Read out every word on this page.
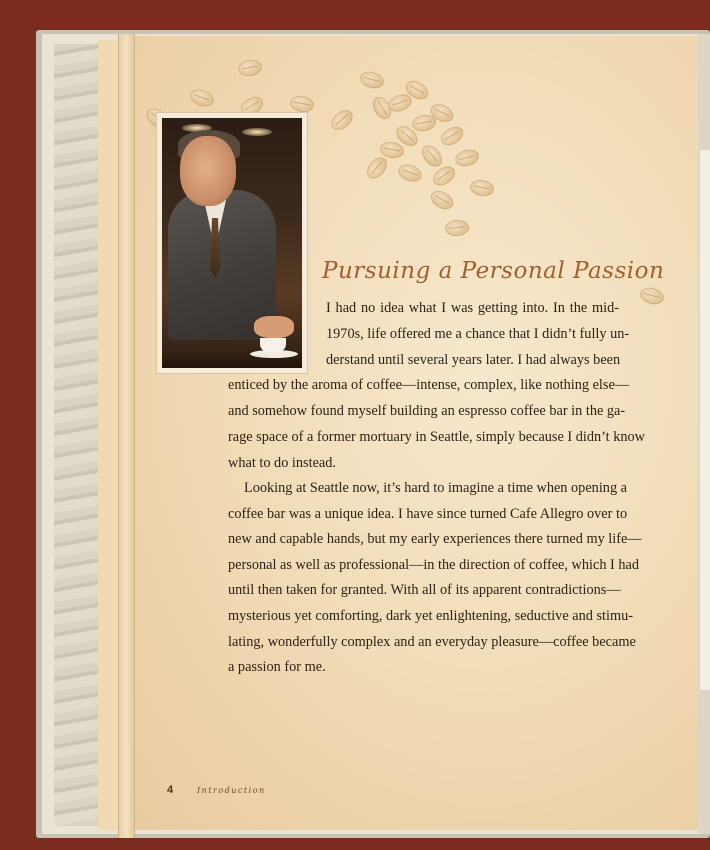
Pursuing a Personal Passion
I had no idea what I was getting into. In the mid-
1970s, life offered me a chance that I didn’t fully un-
derstand until several years later. I had always been
enticed by the aroma of coffee—intense, complex, like nothing else—
and somehow found myself building an espresso coffee bar in the ga-
rage space of a former mortuary in Seattle, simply because I didn’t know
what to do instead.
Looking at Seattle now, it’s hard to imagine a time when opening a
coffee bar was a unique idea. I have since turned Cafe Allegro over to
new and capable hands, but my early experiences there turned my life—
personal as well as professional—in the direction of coffee, which I had
until then taken for granted. With all of its apparent contradictions—
mysterious yet comforting, dark yet enlightening, seductive and stimu-
lating, wonderfully complex and an everyday pleasure—coffee became
a passion for me.
4	Introduction
